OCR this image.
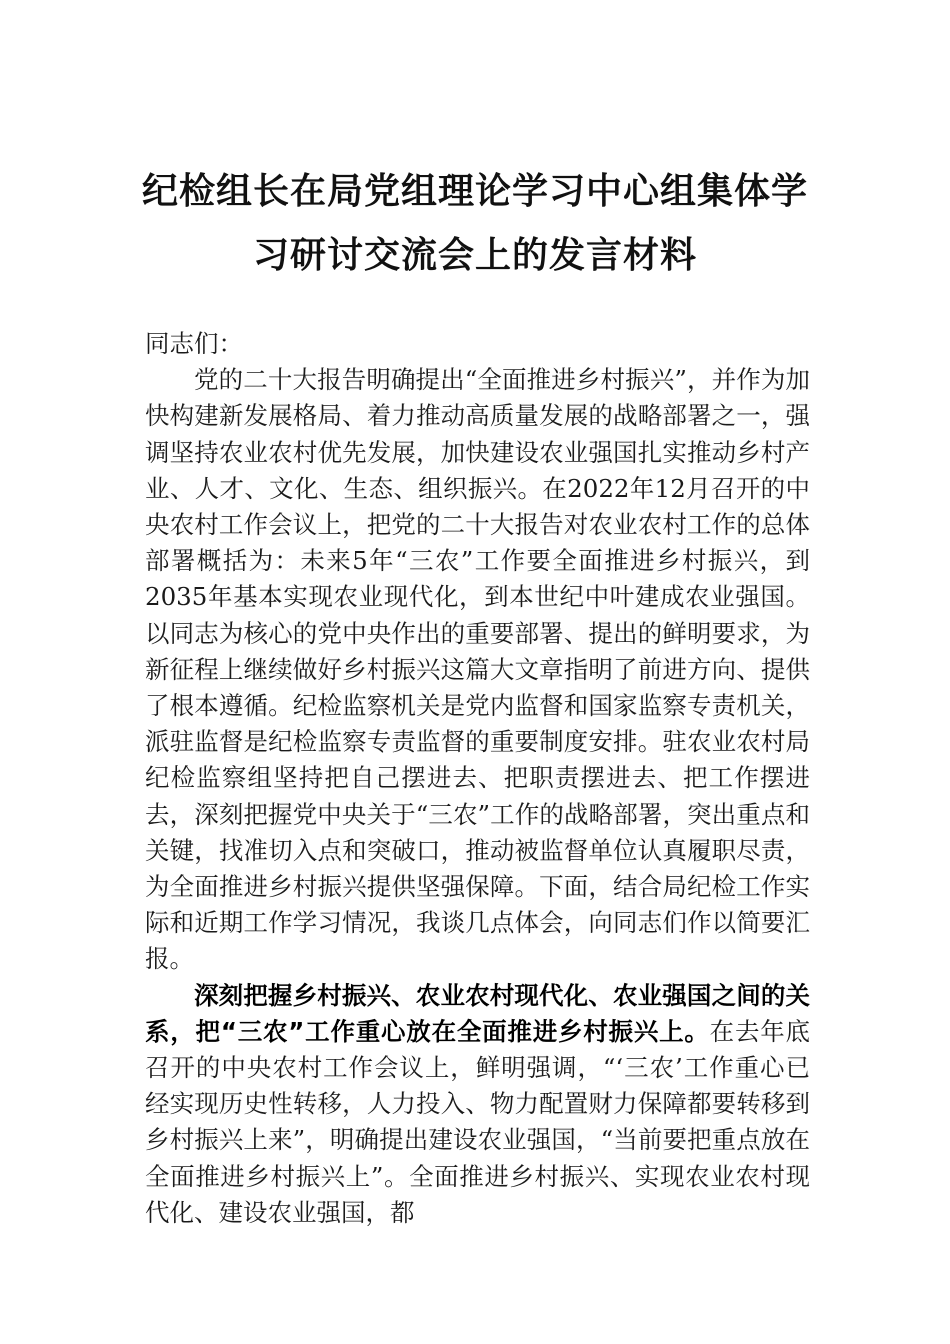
纪检组长在局党组理论学习中心组集体学
习研讨交流会上的发言材料

同志们：

党的二十大报告明确提出“全面推进乡村振兴”，并作为加快构建新发展格局、着力推动高质量发展的战略部署之一，强调坚持农业农村优先发展，加快建设农业强国扎实推动乡村产业、人才、文化、生态、组织振兴。在2022年12月召开的中央农村工作会议上，把党的二十大报告对农业农村工作的总体部署概括为：未来5年“三农”工作要全面推进乡村振兴，到2035年基本实现农业现代化，到本世纪中叶建成农业强国。以同志为核心的党中央作出的重要部署、提出的鲜明要求，为新征程上继续做好乡村振兴这篇大文章指明了前进方向、提供了根本遵循。纪检监察机关是党内监督和国家监察专责机关，派驻监督是纪检监察专责监督的重要制度安排。驻农业农村局纪检监察组坚持把自己摆进去、把职责摆进去、把工作摆进去，深刻把握党中央关于“三农”工作的战略部署，突出重点和关键，找准切入点和突破口，推动被监督单位认真履职尽责，为全面推进乡村振兴提供坚强保障。下面，结合局纪检工作实际和近期工作学习情况，我谈几点体会，向同志们作以简要汇报。

深刻把握乡村振兴、农业农村现代化、农业强国之间的关系，把“三农”工作重心放在全面推进乡村振兴上。在去年底召开的中央农村工作会议上，鲜明强调，“‘三农’工作重心已经实现历史性转移，人力投入、物力配置财力保障都要转移到乡村振兴上来”，明确提出建设农业强国，“当前要把重点放在全面推进乡村振兴上”。全面推进乡村振兴、实现农业农村现代化、建设农业强国，都
